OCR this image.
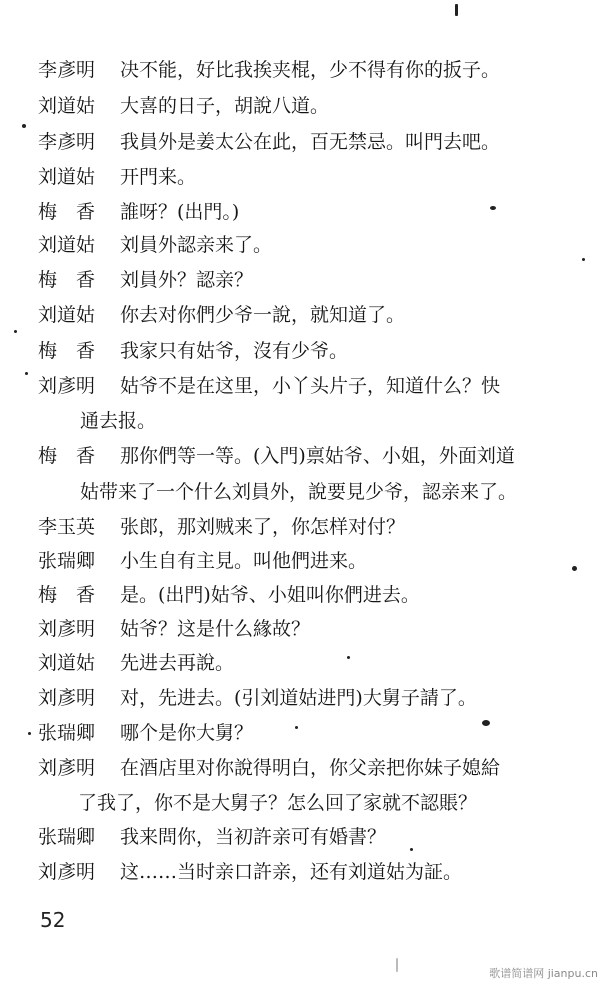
李彥明 决不能，好比我挨夹棍，少不得有你的扳子。
刘道姑 大喜的日子，胡說八道。
李彥明 我員外是姜太公在此，百无禁忌。叫門去吧。
刘道姑 开門来。
梅　香 誰呀？(出門。)
刘道姑 刘員外認亲来了。
梅　香 刘員外？認亲？
刘道姑 你去对你們少爷一說，就知道了。
梅　香 我家只有姑爷，沒有少爷。
刘彥明 姑爷不是在这里，小丫头片子，知道什么？快
通去报。
梅　香 那你們等一等。(入門)禀姑爷、小姐，外面刘道
姑带来了一个什么刘員外，說要見少爷，認亲来了。
李玉英 张郎，那刘贼来了，你怎样对付？
张瑞卿 小生自有主見。叫他們进来。
梅　香 是。(出門)姑爷、小姐叫你們进去。
刘彥明 姑爷？这是什么緣故？
刘道姑 先进去再說。
刘彥明 对，先进去。(引刘道姑进門)大舅子請了。
张瑞卿 哪个是你大舅？
刘彥明 在酒店里对你說得明白，你父亲把你妹子媳給
了我了，你不是大舅子？怎么回了家就不認賬？
张瑞卿 我来問你，当初許亲可有婚書？
刘彥明 这……当时亲口許亲，还有刘道姑为証。
52
歌谱简谱网 jianpu.cn
